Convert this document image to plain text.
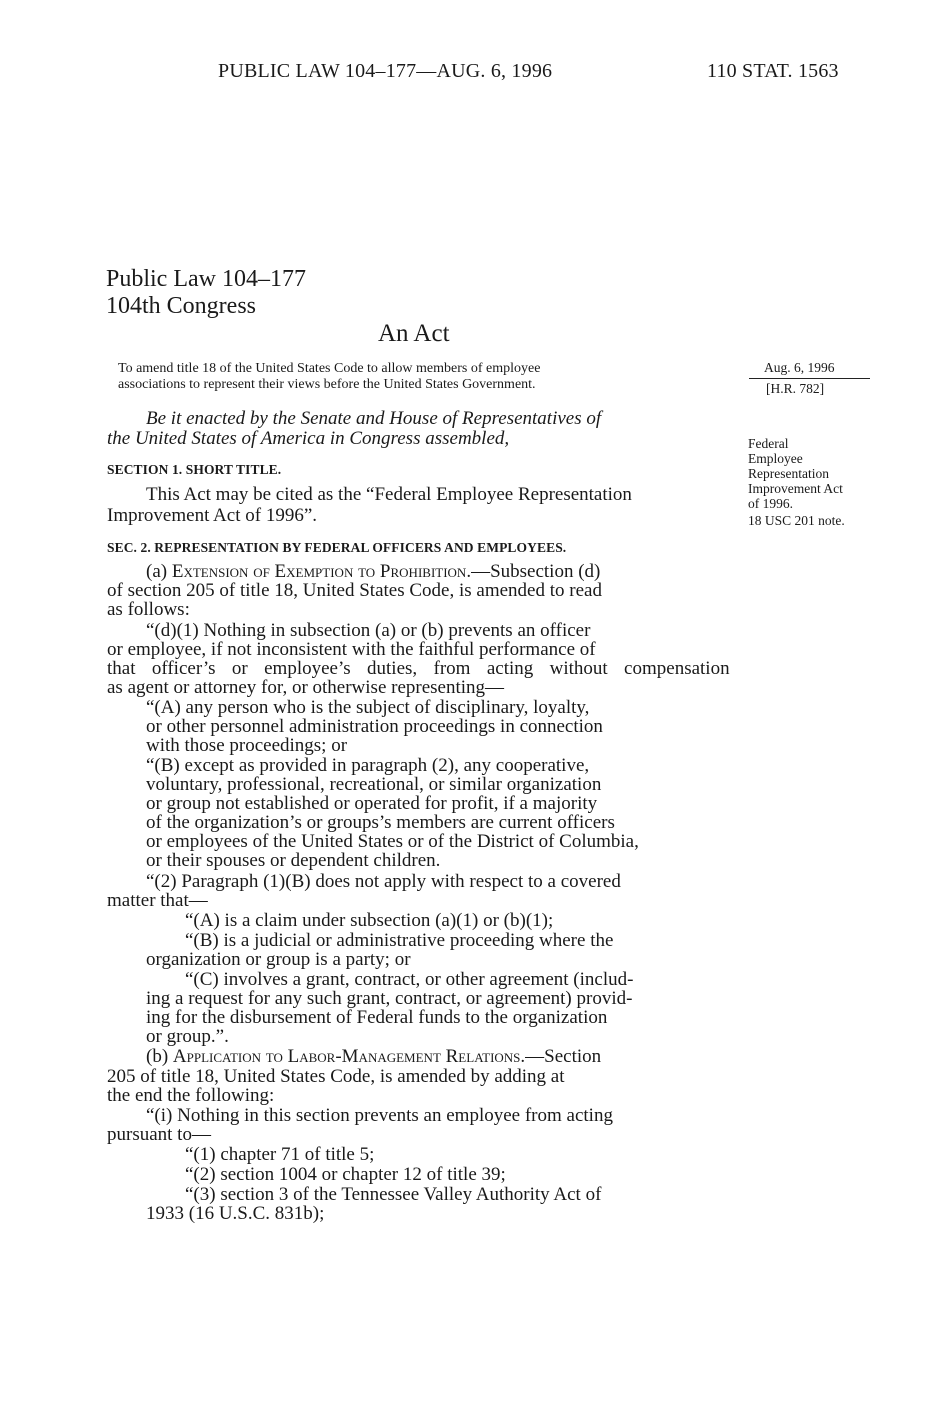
PUBLIC LAW 104–177—AUG. 6, 1996	110 STAT. 1563
Public Law 104–177
104th Congress
An Act
To amend title 18 of the United States Code to allow members of employee
associations to represent their views before the United States Government.
Aug. 6, 1996
[H.R. 782]
Be it enacted by the Senate and House of Representatives of
the United States of America in Congress assembled,	Federal
Employee
Representation
Improvement Act
of 1996.
18 USC 201 note.
SECTION 1. SHORT TITLE.
This Act may be cited as the “Federal Employee Representation
Improvement Act of 1996”.
SEC. 2. REPRESENTATION BY FEDERAL OFFICERS AND EMPLOYEES.
(a) Extension of Exemption to Prohibition.—Subsection (d)
of section 205 of title 18, United States Code, is amended to read
as follows:
“(d)(1) Nothing in subsection (a) or (b) prevents an officer
or employee, if not inconsistent with the faithful performance of
that officer’s or employee’s duties, from acting without compensation
as agent or attorney for, or otherwise representing—
“(A) any person who is the subject of disciplinary, loyalty,
or other personnel administration proceedings in connection
with those proceedings; or
“(B) except as provided in paragraph (2), any cooperative,
voluntary, professional, recreational, or similar organization
or group not established or operated for profit, if a majority
of the organization’s or groups’s members are current officers
or employees of the United States or of the District of Columbia,
or their spouses or dependent children.
“(2) Paragraph (1)(B) does not apply with respect to a covered
matter that—
“(A) is a claim under subsection (a)(1) or (b)(1);
“(B) is a judicial or administrative proceeding where the
organization or group is a party; or
“(C) involves a grant, contract, or other agreement (includ-
ing a request for any such grant, contract, or agreement) provid-
ing for the disbursement of Federal funds to the organization
or group.”.
(b) Application to Labor-Management Relations.—Section
205 of title 18, United States Code, is amended by adding at
the end the following:
“(i) Nothing in this section prevents an employee from acting
pursuant to—
“(1) chapter 71 of title 5;
“(2) section 1004 or chapter 12 of title 39;
“(3) section 3 of the Tennessee Valley Authority Act of
1933 (16 U.S.C. 831b);
